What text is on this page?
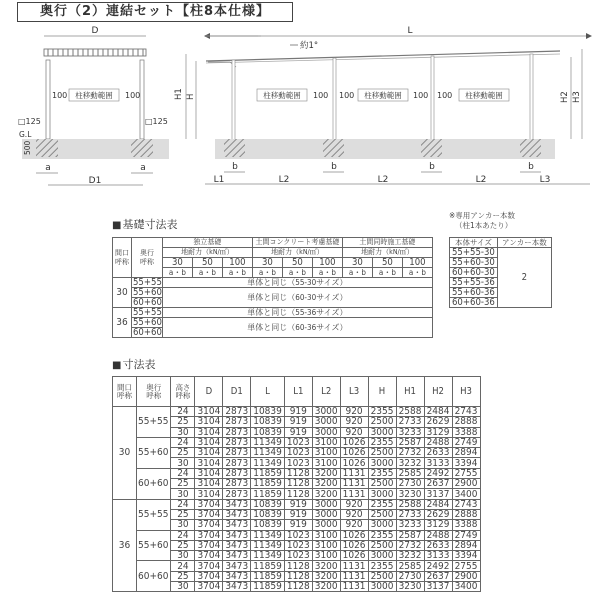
奥行（2）連結セット【柱8本仕様】
D
100 柱移動範囲 100
□125	□125
G.L
500
a	a
D1
L
約1°
柱移動範囲 100 100 柱移動範囲 100 100 柱移動範囲
H1 H	H2 H3
b	b	b	b
L1	L2	L2	L2	L3
■ 基礎寸法表
間口
呼称	奥行
呼称	独立基礎			土間コンクリート考慮基礎			土間同時施工基礎		
		地耐力（kN/㎡）			地耐力（kN/㎡）			地耐力（kN/㎡）		
		30	50	100	30	50	100	30	50	100
		a・b	a・b	a・b	a・b	a・b	a・b	a・b	a・b	a・b
30	55+55	単体と同じ（55-30サイズ）								
	55+60	単体と同じ（60-30サイズ）								
	60+60									
36	55+55	単体と同じ（55-36サイズ）								
	55+60	単体と同じ（60-36サイズ）								
	60+60									
※専用アンカー本数
（柱1本あたり）
本体サイズ	アンカー本数
55+55-30	2
55+60-30	
60+60-30	
55+55-36	
55+60-36	
60+60-36	
■ 寸法表
間口
呼称	奥行
呼称	高さ
呼称	D	D1	L	L1	L2	L3	H	H1	H2	H3
30	55+55	24	3104	2873	10839	919	3000	920	2355	2588	2484	2743
		25	3104	2873	10839	919	3000	920	2500	2733	2629	2888
		30	3104	2873	10839	919	3000	920	3000	3233	3129	3388
	55+60	24	3104	2873	11349	1023	3100	1026	2355	2587	2488	2749
		25	3104	2873	11349	1023	3100	1026	2500	2732	2633	2894
		30	3104	2873	11349	1023	3100	1026	3000	3232	3133	3394
	60+60	24	3104	2873	11859	1128	3200	1131	2355	2585	2492	2755
		25	3104	2873	11859	1128	3200	1131	2500	2730	2637	2900
		30	3104	2873	11859	1128	3200	1131	3000	3230	3137	3400
36	55+55	24	3704	3473	10839	919	3000	920	2355	2588	2484	2743
		25	3704	3473	10839	919	3000	920	2500	2733	2629	2888
		30	3704	3473	10839	919	3000	920	3000	3233	3129	3388
	55+60	24	3704	3473	11349	1023	3100	1026	2355	2587	2488	2749
		25	3704	3473	11349	1023	3100	1026	2500	2732	2633	2894
		30	3704	3473	11349	1023	3100	1026	3000	3232	3133	3394
	60+60	24	3704	3473	11859	1128	3200	1131	2355	2585	2492	2755
		25	3704	3473	11859	1128	3200	1131	2500	2730	2637	2900
		30	3704	3473	11859	1128	3200	1131	3000	3230	3137	3400
